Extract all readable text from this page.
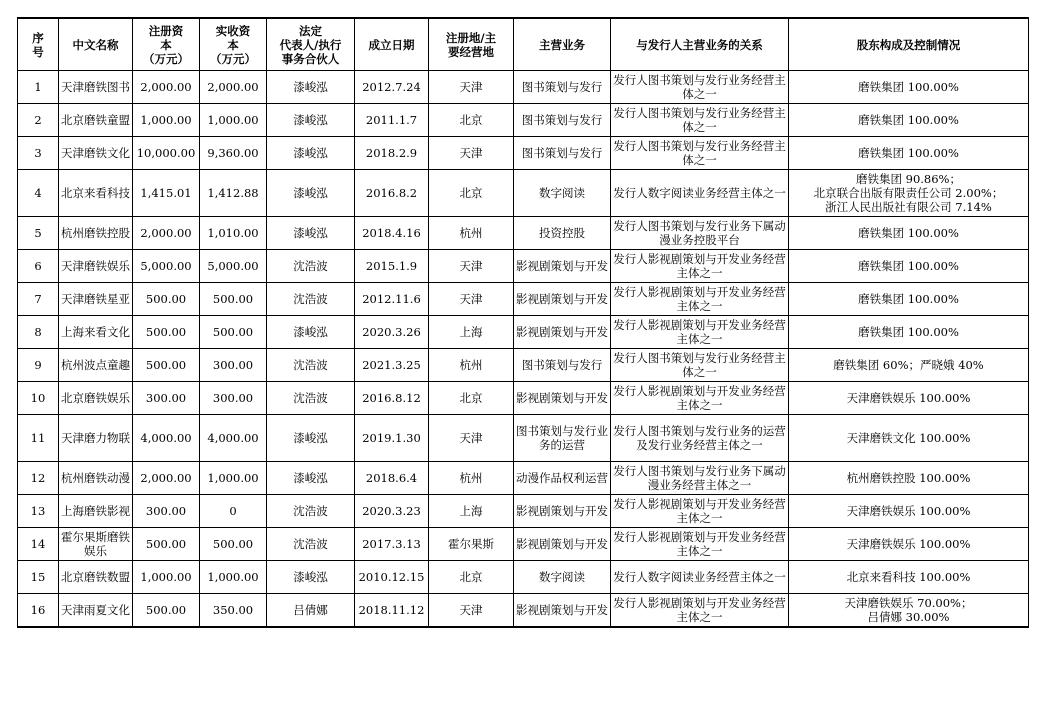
序
号	中文名称	注册资
本
（万元）	实收资
本
（万元）	法定
代表人/执行
事务合伙人	成立日期	注册地/主
要经营地	主营业务	与发行人主营业务的关系	股东构成及控制情况
1	天津磨铁图书	2,000.00	2,000.00	漆峻泓	2012.7.24	天津	图书策划与发行	发行人图书策划与发行业务经营主体之一	磨铁集团 100.00%
2	北京磨铁童盟	1,000.00	1,000.00	漆峻泓	2011.1.7	北京	图书策划与发行	发行人图书策划与发行业务经营主体之一	磨铁集团 100.00%
3	天津磨铁文化	10,000.00	9,360.00	漆峻泓	2018.2.9	天津	图书策划与发行	发行人图书策划与发行业务经营主体之一	磨铁集团 100.00%
4	北京来看科技	1,415.01	1,412.88	漆峻泓	2016.8.2	北京	数字阅读	发行人数字阅读业务经营主体之一	磨铁集团 90.86%；
北京联合出版有限责任公司 2.00%；
浙江人民出版社有限公司 7.14%
5	杭州磨铁控股	2,000.00	1,010.00	漆峻泓	2018.4.16	杭州	投资控股	发行人图书策划与发行业务下属动漫业务控股平台	磨铁集团 100.00%
6	天津磨铁娱乐	5,000.00	5,000.00	沈浩波	2015.1.9	天津	影视剧策划与开发	发行人影视剧策划与开发业务经营主体之一	磨铁集团 100.00%
7	天津磨铁星亚	500.00	500.00	沈浩波	2012.11.6	天津	影视剧策划与开发	发行人影视剧策划与开发业务经营主体之一	磨铁集团 100.00%
8	上海来看文化	500.00	500.00	漆峻泓	2020.3.26	上海	影视剧策划与开发	发行人影视剧策划与开发业务经营主体之一	磨铁集团 100.00%
9	杭州波点童趣	500.00	300.00	沈浩波	2021.3.25	杭州	图书策划与发行	发行人图书策划与发行业务经营主体之一	磨铁集团 60%；严晓娥 40%
10	北京磨铁娱乐	300.00	300.00	沈浩波	2016.8.12	北京	影视剧策划与开发	发行人影视剧策划与开发业务经营主体之一	天津磨铁娱乐 100.00%
11	天津磨力物联	4,000.00	4,000.00	漆峻泓	2019.1.30	天津	图书策划与发行业务的运营	发行人图书策划与发行业务的运营及发行业务经营主体之一	天津磨铁文化 100.00%
12	杭州磨铁动漫	2,000.00	1,000.00	漆峻泓	2018.6.4	杭州	动漫作品权利运营	发行人图书策划与发行业务下属动漫业务经营主体之一	杭州磨铁控股 100.00%
13	上海磨铁影视	300.00	0	沈浩波	2020.3.23	上海	影视剧策划与开发	发行人影视剧策划与开发业务经营主体之一	天津磨铁娱乐 100.00%
14	霍尔果斯磨铁娱乐	500.00	500.00	沈浩波	2017.3.13	霍尔果斯	影视剧策划与开发	发行人影视剧策划与开发业务经营主体之一	天津磨铁娱乐 100.00%
15	北京磨铁数盟	1,000.00	1,000.00	漆峻泓	2010.12.15	北京	数字阅读	发行人数字阅读业务经营主体之一	北京来看科技 100.00%
16	天津雨夏文化	500.00	350.00	吕倩娜	2018.11.12	天津	影视剧策划与开发	发行人影视剧策划与开发业务经营主体之一	天津磨铁娱乐 70.00%；
吕倩娜 30.00%
